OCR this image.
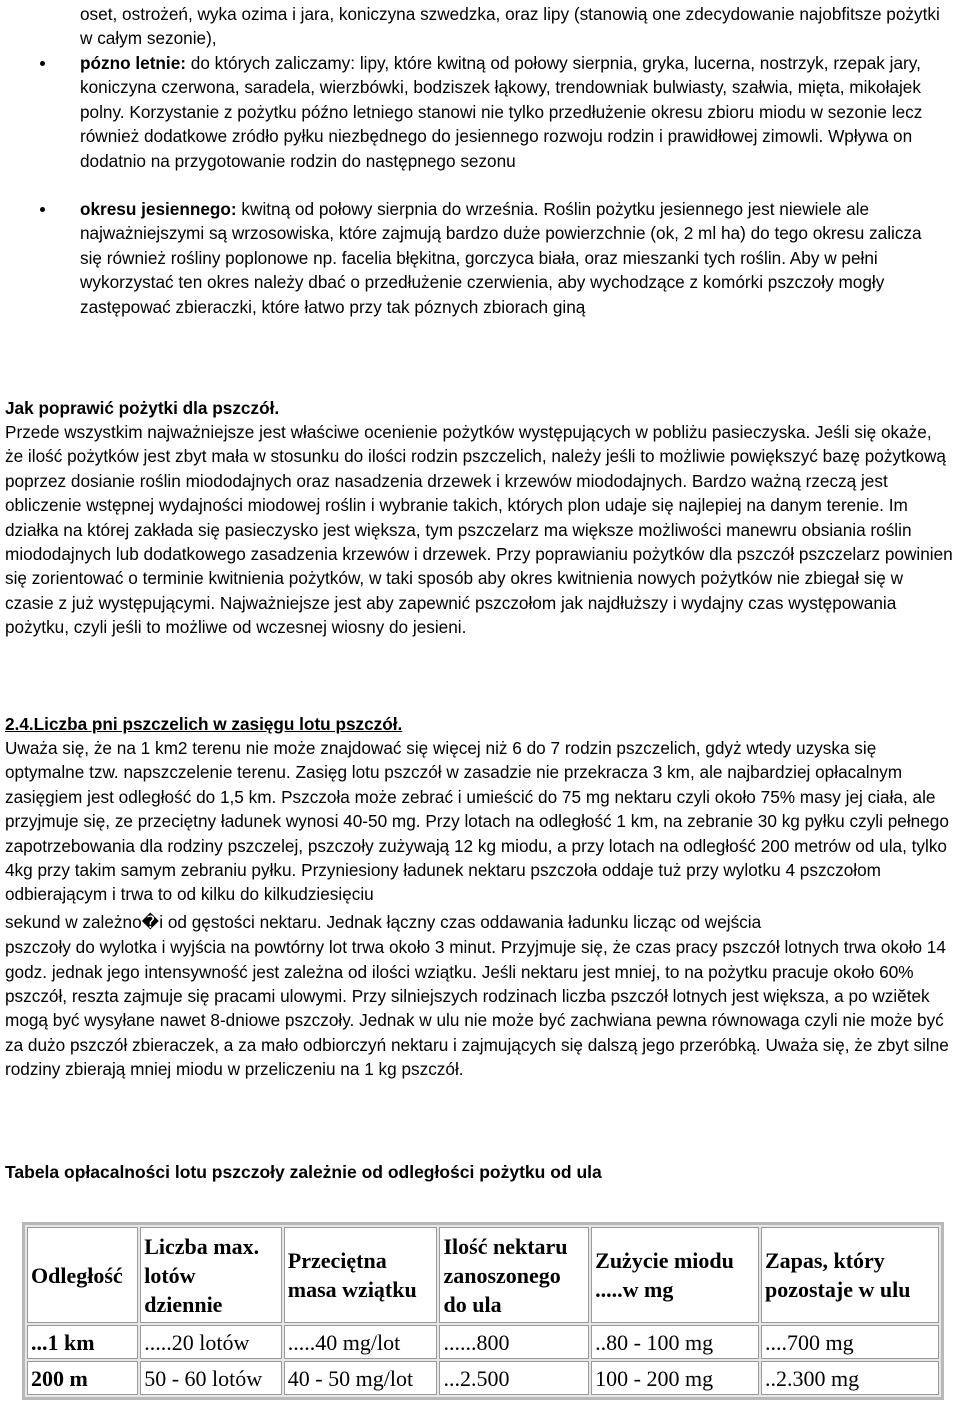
oset, ostrożeń, wyka ozima i jara, koniczyna szwedzka, oraz lipy (stanowią one zdecydowanie najobfitsze pożytki w całym sezonie),

pózno letnie: do których zaliczamy: lipy, które kwitną od połowy sierpnia, gryka, lucerna, nostrzyk, rzepak jary, koniczyna czerwona, saradela, wierzbówki, bodziszek łąkowy, trendowniak bulwiasty, szałwia, mięta, mikołajek polny. Korzystanie z pożytku późno letniego stanowi nie tylko przedłużenie okresu zbioru miodu w sezonie lecz również dodatkowe zródło pyłku niezbędnego do jesiennego rozwoju rodzin i prawidłowej zimowli. Wpływa on dodatnio na przygotowanie rodzin do następnego sezonu

okresu jesiennego: kwitną od połowy sierpnia do września. Roślin pożytku jesiennego jest niewiele ale najważniejszymi są wrzosowiska, które zajmują bardzo duże powierzchnie (ok, 2 ml ha) do tego okresu zalicza się również rośliny poplonowe np. facelia błękitna, gorczyca biała, oraz mieszanki tych roślin. Aby w pełni wykorzystać ten okres należy dbać o przedłużenie czerwienia, aby wychodzące z komórki pszczoły mogły zastępować zbieraczki, które łatwo przy tak póznych zbiorach giną

Jak poprawić pożytki dla pszczół.

Przede wszystkim najważniejsze jest właściwe ocenienie pożytków występujących w pobliżu pasieczyska. Jeśli się okaże, że ilość pożytków jest zbyt mała w stosunku do ilości rodzin pszczelich, należy jeśli to możliwie powiększyć bazę pożytkową poprzez dosianie roślin miododajnych oraz nasadzenia drzewek i krzewów miododajnych. Bardzo ważną rzeczą jest obliczenie wstępnej wydajności miodowej roślin i wybranie takich, których plon udaje się najlepiej na danym terenie. Im działka na której zakłada się pasieczysko jest większa, tym pszczelarz ma większe możliwości manewru obsiania roślin miododajnych lub dodatkowego zasadzenia krzewów i drzewek. Przy poprawianiu pożytków dla pszczół pszczelarz powinien się zorientować o terminie kwitnienia pożytków, w taki sposób aby okres kwitnienia nowych pożytków nie zbiegał się w czasie z już występującymi. Najważniejsze jest aby zapewnić pszczołom jak najdłuższy i wydajny czas występowania pożytku, czyli jeśli to możliwe od wczesnej wiosny do jesieni.

2.4.Liczba pni pszczelich w zasięgu lotu pszczół.

Uważa się, że na 1 km2 terenu nie może znajdować się więcej niż 6 do 7 rodzin pszczelich, gdyż wtedy uzyska się optymalne tzw. napszczelenie terenu. Zasięg lotu pszczół w zasadzie nie przekracza 3 km, ale najbardziej opłacalnym zasięgiem jest odległość do 1,5 km. Pszczoła może zebrać i umieścić do 75 mg nektaru czyli około 75% masy jej ciała, ale przyjmuje się, ze przeciętny ładunek wynosi 40-50 mg. Przy lotach na odległość 1 km, na zebranie 30 kg pyłku czyli pełnego zapotrzebowania dla rodziny pszczelej, pszczoły zużywają 12 kg miodu, a przy lotach na odległość 200 metrów od ula, tylko 4kg przy takim samym zebraniu pyłku. Przyniesiony ładunek nektaru pszczoła oddaje tuż przy wylotku 4 pszczołom odbierającym i trwa to od kilku do kilkudziesięciu

sekund w zależno�i od gęstości nektaru. Jednak łączny czas oddawania ładunku licząc od wejścia

pszczoły do wylotka i wyjścia na powtórny lot trwa około 3 minut. Przyjmuje się, że czas pracy pszczół lotnych trwa około 14 godz. jednak jego intensywność jest zależna od ilości wziątku. Jeśli nektaru jest mniej, to na pożytku pracuje około 60% pszczół, reszta zajmuje się pracami ulowymi. Przy silniejszych rodzinach liczba pszczół lotnych jest większa, a po wziĕtek mogą być wysyłane nawet 8-dniowe pszczoły. Jednak w ulu nie może być zachwiana pewna równowaga czyli nie może być za dużo pszczół zbieraczek, a za mało odbiorczyń nektaru i zajmujących się dalszą jego przeróbką. Uważa się, że zbyt silne rodziny zbierają mniej miodu w przeliczeniu na 1 kg pszczół.

Tabela opłacalności lotu pszczoły zależnie od odległości pożytku od ula
Odległość	Liczba max. lotów dziennie	Przeciętna masa wziątku	Ilość nektaru zanoszonego do ula	Zużycie miodu .....w mg	Zapas, który pozostaje w ulu
...1 km	.....20 lotów	.....40 mg/lot	......800	..80 - 100 mg	....700 mg
200 m	50 - 60 lotów	40 - 50 mg/lot	...2.500	100 - 200 mg	..2.300 mg
